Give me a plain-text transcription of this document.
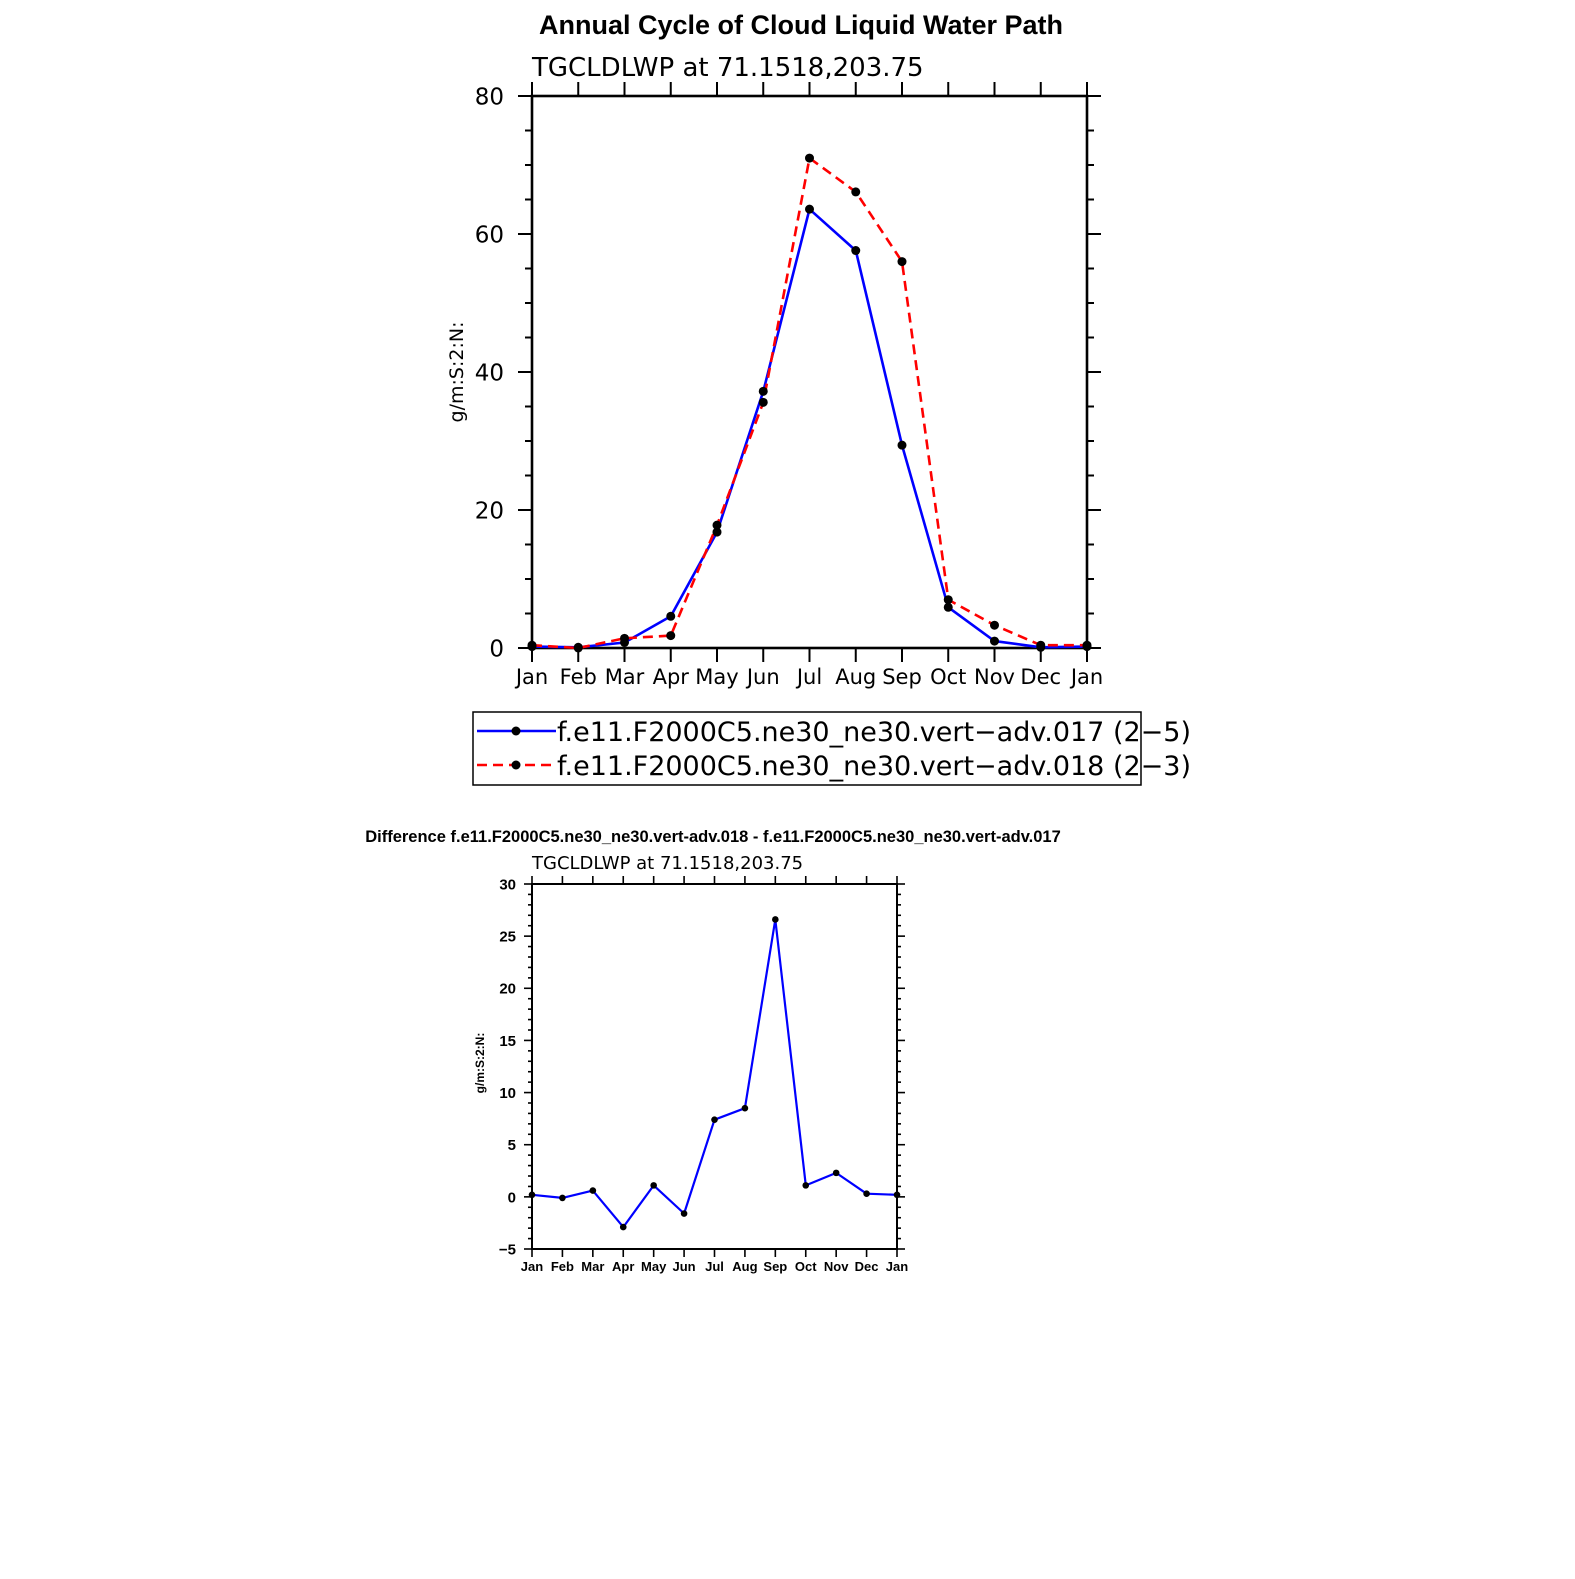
Annual Cycle of Cloud Liquid Water Path
TGCLDLWP at 71.1518,203.75
g/m:S:2:N:
0
20
40
60
80
Jan Feb Mar Apr May Jun Jul Aug Sep Oct Nov Dec Jan
f.e11.F2000C5.ne30_ne30.vert−adv.017 (2−5)
f.e11.F2000C5.ne30_ne30.vert−adv.018 (2−3)
Difference f.e11.F2000C5.ne30_ne30.vert-adv.018 - f.e11.F2000C5.ne30_ne30.vert-adv.017
TGCLDLWP at 71.1518,203.75
g/m:S:2:N:
−5
0
5
10
15
20
25
30
Jan Feb Mar Apr May Jun Jul Aug Sep Oct Nov Dec Jan
